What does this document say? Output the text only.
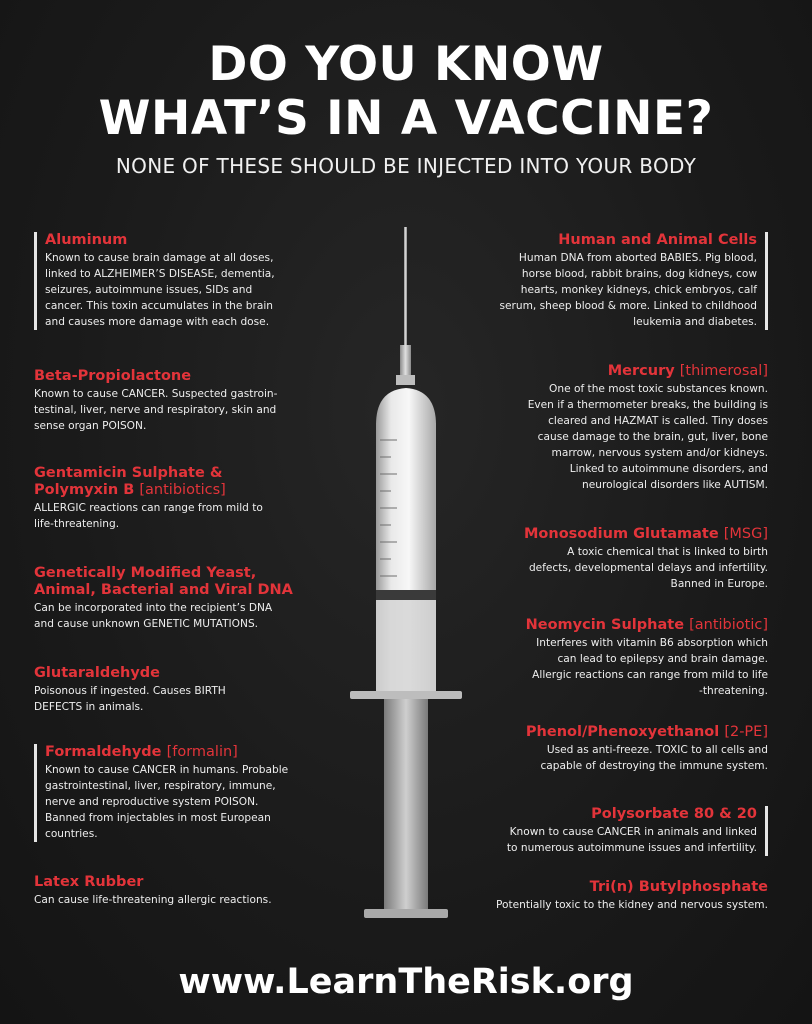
DO YOU KNOW
WHAT’S IN A VACCINE?
NONE OF THESE SHOULD BE INJECTED INTO YOUR BODY
Aluminum
Known to cause brain damage at all doses,
linked to ALZHEIMER’S DISEASE, dementia,
seizures, autoimmune issues, SIDs and
cancer. This toxin accumulates in the brain
and causes more damage with each dose.
Beta-Propiolactone
Known to cause CANCER. Suspected gastroin-
testinal, liver, nerve and respiratory, skin and
sense organ POISON.
Gentamicin Sulphate &
Polymyxin B [antibiotics]
ALLERGIC reactions can range from mild to
life-threatening.
Genetically Modified Yeast,
Animal, Bacterial and Viral DNA
Can be incorporated into the recipient’s DNA
and cause unknown GENETIC MUTATIONS.
Glutaraldehyde
Poisonous if ingested. Causes BIRTH
DEFECTS in animals.
Formaldehyde [formalin]
Known to cause CANCER in humans. Probable
gastrointestinal, liver, respiratory, immune,
nerve and reproductive system POISON.
Banned from injectables in most European
countries.
Latex Rubber
Can cause life-threatening allergic reactions.
Human and Animal Cells
Human DNA from aborted BABIES. Pig blood,
horse blood, rabbit brains, dog kidneys, cow
hearts, monkey kidneys, chick embryos, calf
serum, sheep blood & more. Linked to childhood
leukemia and diabetes.
Mercury [thimerosal]
One of the most toxic substances known.
Even if a thermometer breaks, the building is
cleared and HAZMAT is called. Tiny doses
cause damage to the brain, gut, liver, bone
marrow, nervous system and/or kidneys.
Linked to autoimmune disorders, and
neurological disorders like AUTISM.
Monosodium Glutamate [MSG]
A toxic chemical that is linked to birth
defects, developmental delays and infertility.
Banned in Europe.
Neomycin Sulphate [antibiotic]
Interferes with vitamin B6 absorption which
can lead to epilepsy and brain damage.
Allergic reactions can range from mild to life
-threatening.
Phenol/Phenoxyethanol [2-PE]
Used as anti-freeze. TOXIC to all cells and
capable of destroying the immune system.
Polysorbate 80 & 20
Known to cause CANCER in animals and linked
to numerous autoimmune issues and infertility.
Tri(n) Butylphosphate
Potentially toxic to the kidney and nervous system.
www.LearnTheRisk.org
